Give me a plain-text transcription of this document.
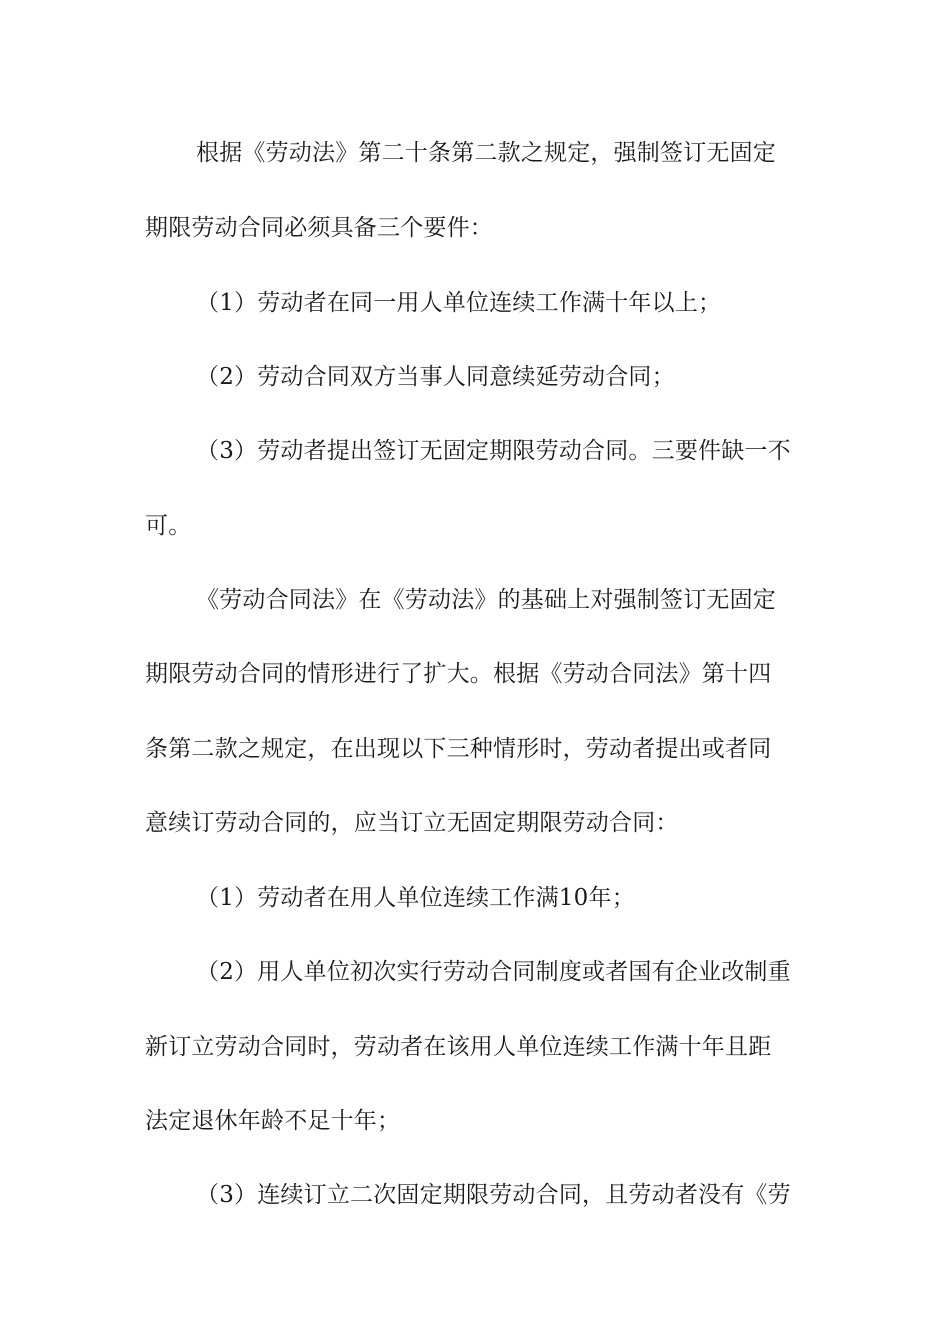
根据《劳动法》第二十条第二款之规定，强制签订无固定
期限劳动合同必须具备三个要件：
（1）劳动者在同一用人单位连续工作满十年以上；
（2）劳动合同双方当事人同意续延劳动合同；
（3）劳动者提出签订无固定期限劳动合同。三要件缺一不
可。
《劳动合同法》在《劳动法》的基础上对强制签订无固定
期限劳动合同的情形进行了扩大。根据《劳动合同法》第十四
条第二款之规定，在出现以下三种情形时，劳动者提出或者同
意续订劳动合同的，应当订立无固定期限劳动合同：
（1）劳动者在用人单位连续工作满10年；
（2）用人单位初次实行劳动合同制度或者国有企业改制重
新订立劳动合同时，劳动者在该用人单位连续工作满十年且距
法定退休年龄不足十年；
（3）连续订立二次固定期限劳动合同，且劳动者没有《劳
